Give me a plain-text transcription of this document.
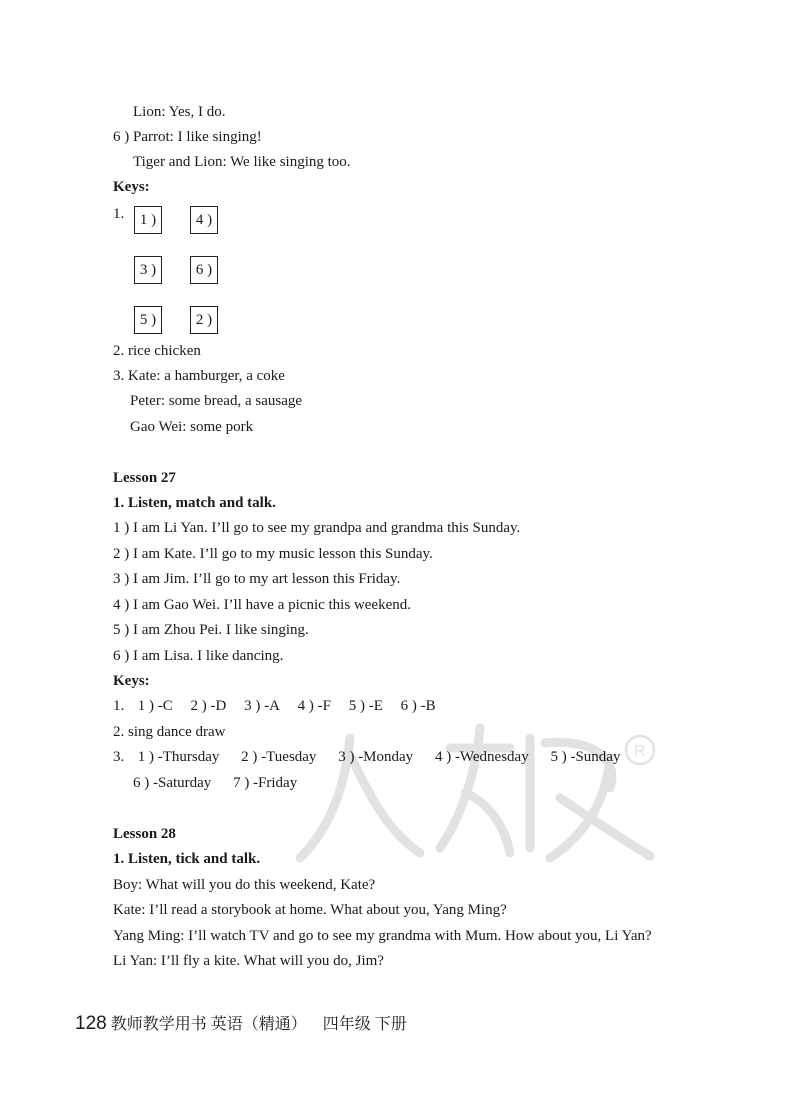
Lion: Yes, I do.
6 ) Parrot: I like singing!
Tiger and Lion: We like singing too.
Keys:
1.	1 )	4 )
3 )	6 )
5 )	2 )
2. rice chicken
3. Kate: a hamburger, a coke
Peter: some bread, a sausage
Gao Wei: some pork
Lesson 27
1. Listen, match and talk.
1 ) I am Li Yan. I’ll go to see my grandpa and grandma this Sunday.
2 ) I am Kate. I’ll go to my music lesson this Sunday.
3 ) I am Jim. I’ll go to my art lesson this Friday.
4 ) I am Gao Wei. I’ll have a picnic this weekend.
5 ) I am Zhou Pei. I like singing.
6 ) I am Lisa. I like dancing.
Keys:
1. 1 ) -C 2 ) -D 3 ) -A 4 ) -F 5 ) -E 6 ) -B
2. sing dance draw
3. 1 ) -Thursday 2 ) -Tuesday 3 ) -Monday 4 ) -Wednesday 5 ) -Sunday
6 ) -Saturday 7 ) -Friday
R
Lesson 28
1. Listen, tick and talk.
Boy: What will you do this weekend, Kate?
Kate: I’ll read a storybook at home. What about you, Yang Ming?
Yang Ming: I’ll watch TV and go to see my grandma with Mum. How about you, Li Yan?
Li Yan: I’ll fly a kite. What will you do, Jim?
128 教师教学用书 英语（精通） 四年级 下册
